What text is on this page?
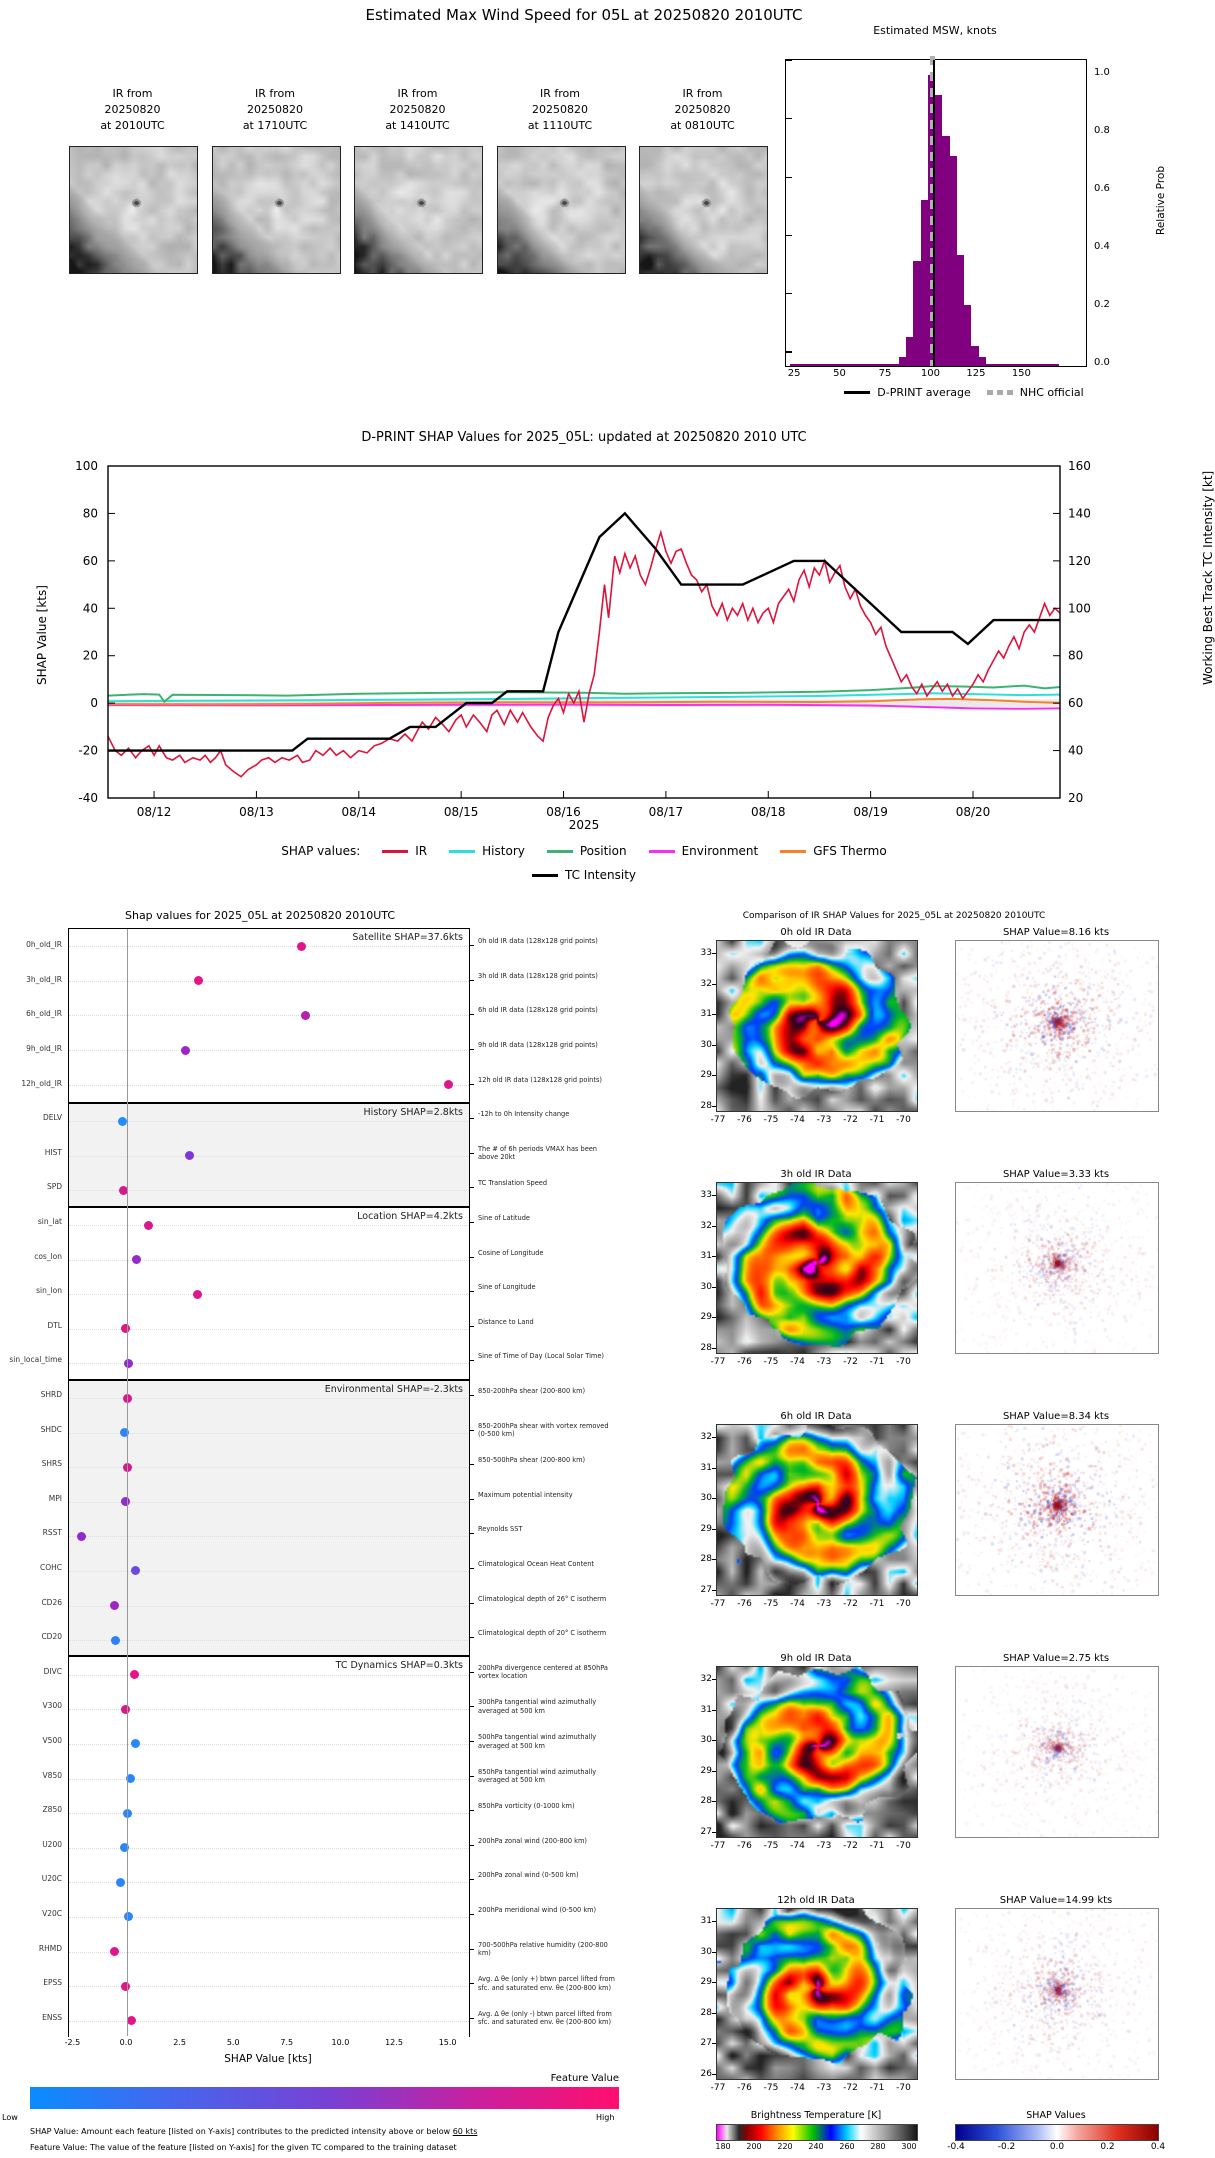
Estimated Max Wind Speed for 05L at 20250820 2010UTC
IR from
20250820
at 2010UTC
IR from
20250820
at 1710UTC
IR from
20250820
at 1410UTC
IR from
20250820
at 1110UTC
IR from
20250820
at 0810UTC
Estimated MSW, knots
1.0
0.8
0.6
0.4
0.2
0.0
Relative Prob
25	50	75	100	125	150
D-PRINT average	NHC official
D-PRINT SHAP Values for 2025_05L: updated at 20250820 2010 UTC
100
80
60
40
20
0
-20
-40
160
140
120
100
80
60
40
20
08/12	08/13	08/14	08/15	08/16	08/17	08/18	08/19	08/20
SHAP Value [kts]	Working Best Track TC Intensity [kt]
2025
SHAP values:	IR	History	Position	Environment	GFS Thermo
TC Intensity
Shap values for 2025_05L at 20250820 2010UTC
Satellite SHAP=37.6kts
History SHAP=2.8kts
Location SHAP=4.2kts
Environmental SHAP=-2.3kts
TC Dynamics SHAP=0.3kts
0h_old_IR
3h_old_IR
6h_old_IR
9h_old_IR
12h_old_IR
DELV
HIST
SPD
sin_lat
cos_lon
sin_lon
DTL
sin_local_time
SHRD
SHDC
SHRS
MPI
RSST
COHC
CD26
CD20
DIVC
V300
V500
V850
Z850
U200
U20C
V20C
RHMD
EPSS
ENSS
0h old IR data (128x128 grid points)
3h old IR data (128x128 grid points)
6h old IR data (128x128 grid points)
9h old IR data (128x128 grid points)
12h old IR data (128x128 grid points)
-12h to 0h Intensity change
The # of 6h periods VMAX has been above 20kt
TC Translation Speed
Sine of Latitude
Cosine of Longitude
Sine of Longitude
Distance to Land
Sine of Time of Day (Local Solar Time)
850-200hPa shear (200-800 km)
850-200hPa shear with vortex removed (0-500 km)
850-500hPa shear (200-800 km)
Maximum potential intensity
Reynolds SST
Climatological Ocean Heat Content
Climatological depth of 26° C isotherm
Climatological depth of 20° C isotherm
200hPa divergence centered at 850hPa vortex location
300hPa tangential wind azimuthally averaged at 500 km
500hPa tangential wind azimuthally averaged at 500 km
850hPa tangential wind azimuthally averaged at 500 km
850hPa vorticity (0-1000 km)
200hPa zonal wind (200-800 km)
200hPa zonal wind (0-500 km)
200hPa meridional wind (0-500 km)
700-500hPa relative humidity (200-800 km)
Avg. Δ θe (only +) btwn parcel lifted from sfc. and saturated env. θe (200-800 km)
Avg. Δ θe (only -) btwn parcel lifted from sfc. and saturated env. θe (200-800 km)
-2.5	0.0	2.5	5.0	7.5	10.0	12.5	15.0
SHAP Value [kts]
Feature Value
Low	High
SHAP Value: Amount each feature [listed on Y-axis] contributes to the predicted intensity above or below 60 kts
Feature Value: The value of the feature [listed on Y-axis] for the given TC compared to the training dataset
Comparison of IR SHAP Values for 2025_05L at 20250820 2010UTC
0h old IR Data	SHAP Value=8.16 kts
33
32
31
30
29
28
-77	-76	-75	-74	-73	-72	-71	-70
3h old IR Data	SHAP Value=3.33 kts
33
32
31
30
29
28
-77	-76	-75	-74	-73	-72	-71	-70
6h old IR Data	SHAP Value=8.34 kts
32
31
30
29
28
27
-77	-76	-75	-74	-73	-72	-71	-70
9h old IR Data	SHAP Value=2.75 kts
32
31
30
29
28
27
-77	-76	-75	-74	-73	-72	-71	-70
12h old IR Data	SHAP Value=14.99 kts
31
30
29
28
27
26
-77	-76	-75	-74	-73	-72	-71	-70
Brightness Temperature [K]
180	200	220	240	260	280	300
SHAP Values
-0.4	-0.2	0.0	0.2	0.4
